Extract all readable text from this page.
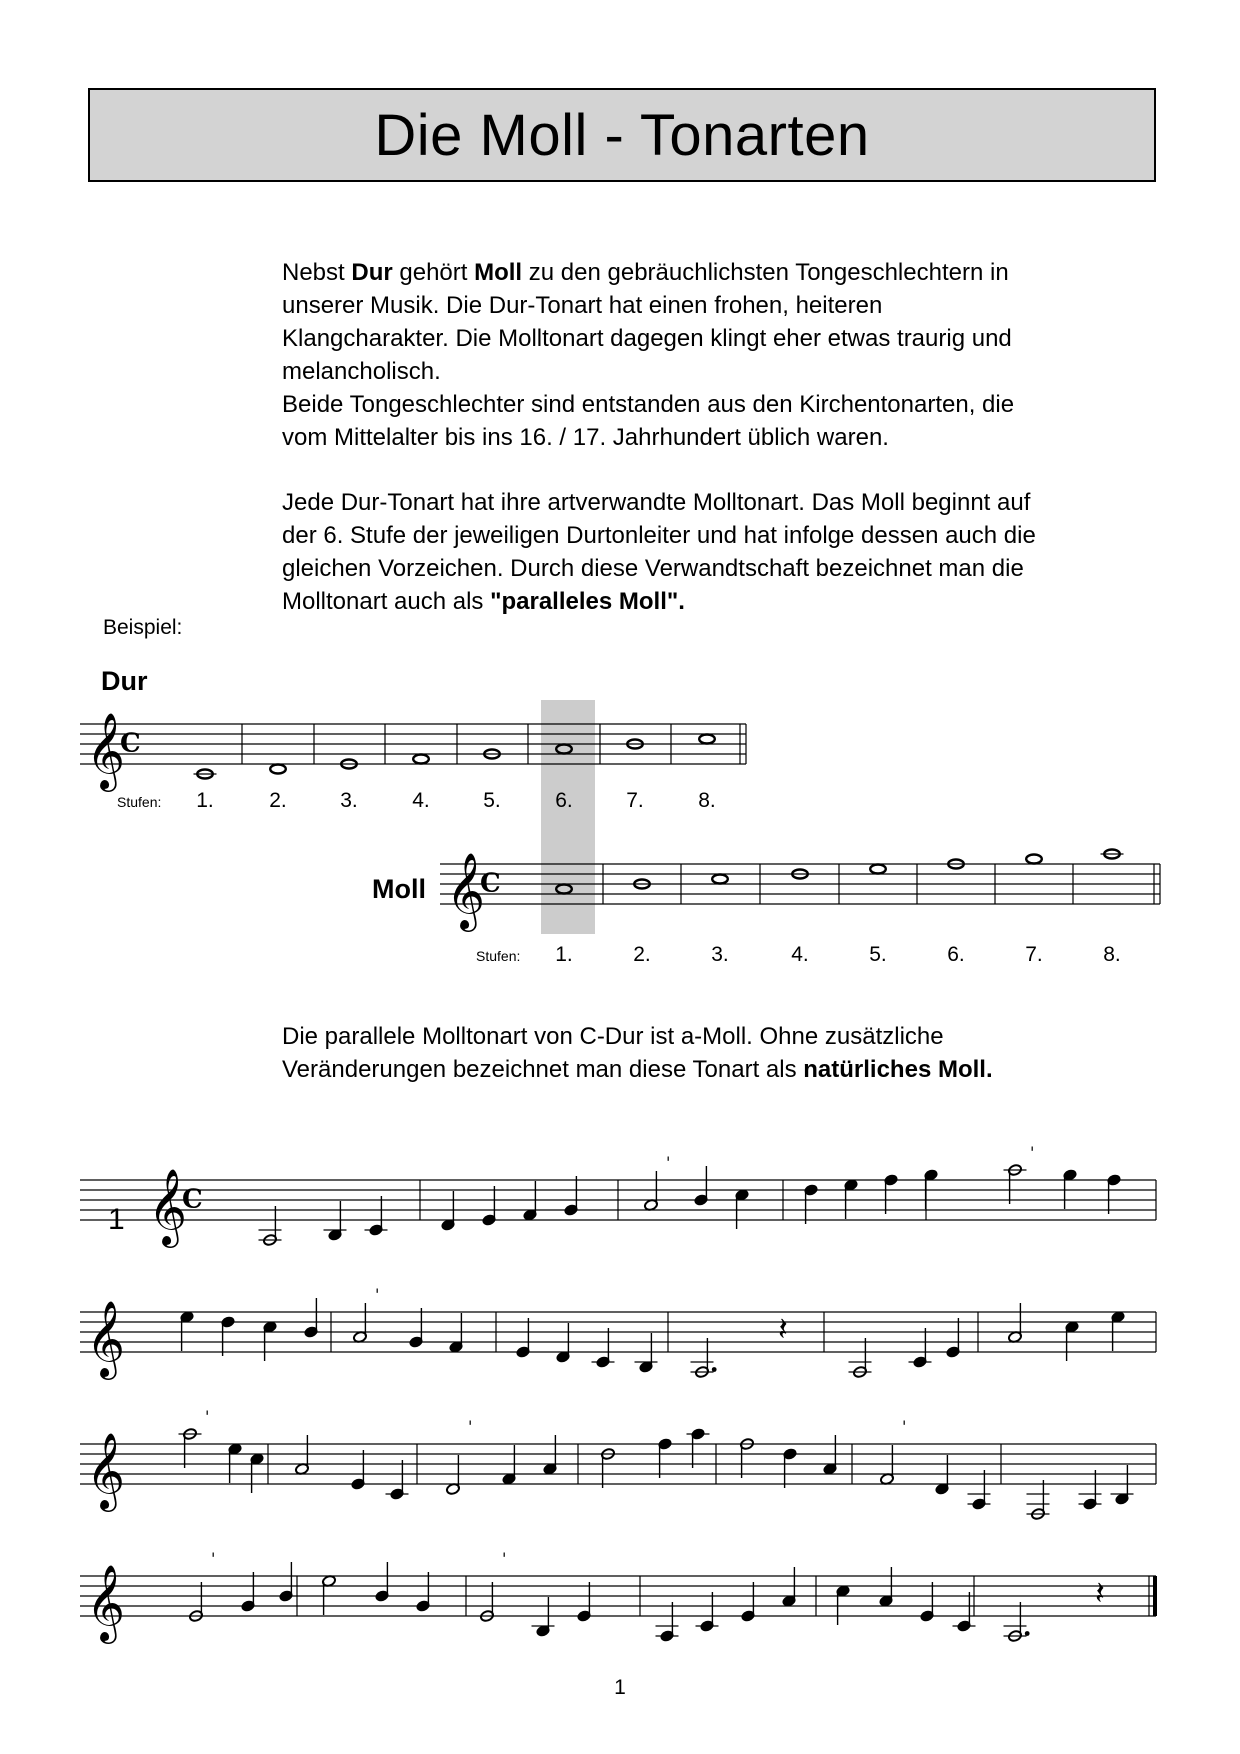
Die Moll - Tonarten

Nebst Dur gehört Moll zu den gebräuchlichsten Tongeschlechtern in

unserer Musik. Die Dur-Tonart hat einen frohen, heiteren

Klangcharakter. Die Molltonart dagegen klingt eher etwas traurig und

melancholisch.

Beide Tongeschlechter sind entstanden aus den Kirchentonarten, die

vom Mittelalter bis ins 16. / 17. Jahrhundert üblich waren.

Jede Dur-Tonart hat ihre artverwandte Molltonart. Das Moll beginnt auf

der 6. Stufe der jeweiligen Durtonleiter und hat infolge dessen auch die

gleichen Vorzeichen. Durch diese Verwandtschaft bezeichnet man die

Molltonart auch als "paralleles Moll".

Beispiel:
Dur
Moll
𝄞
C
Stufen: 1.	2.	3.	4.	5.	6.	7.	8.
𝄞
C
Stufen: 1.	2.	3.	4.	5.	6.	7.	8.

Die parallele Molltonart von C-Dur ist a-Moll. Ohne zusätzliche

Veränderungen bezeichnet man diese Tonart als natürliches Moll.

𝄞
C
'
'
𝄞
'
𝄽
𝄞
'
'	'
𝄞
'	'
𝄽
1
1
